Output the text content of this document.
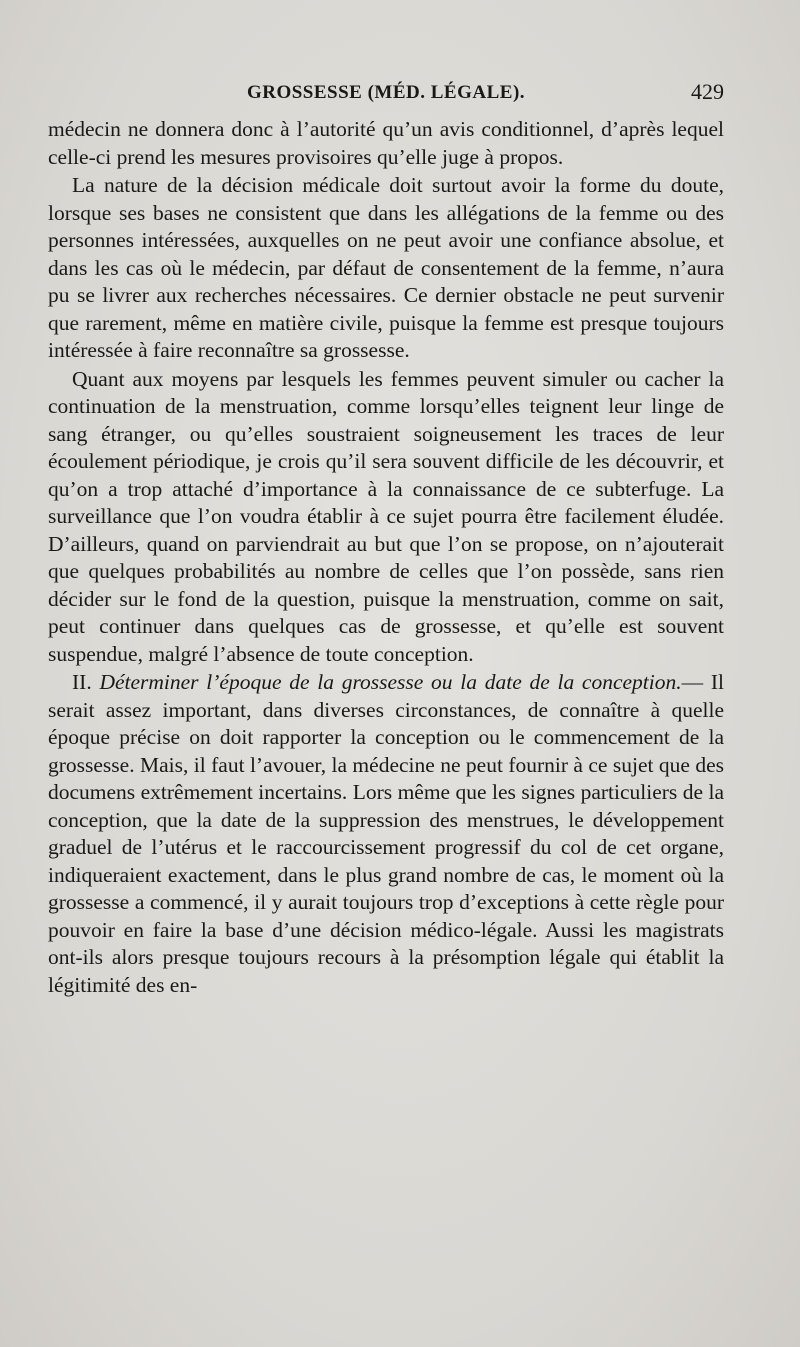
GROSSESSE (MÉD. LÉGALE).	429

médecin ne donnera donc à l’autorité qu’un avis conditionnel, d’après lequel celle-ci prend les mesures provisoires qu’elle juge à propos.

La nature de la décision médicale doit surtout avoir la forme du doute, lorsque ses bases ne consistent que dans les allégations de la femme ou des personnes intéressées, auxquelles on ne peut avoir une confiance absolue, et dans les cas où le médecin, par défaut de consentement de la femme, n’aura pu se livrer aux recherches nécessaires. Ce dernier obstacle ne peut survenir que rarement, même en matière civile, puisque la femme est presque toujours intéressée à faire reconnaître sa grossesse.

Quant aux moyens par lesquels les femmes peuvent simuler ou cacher la continuation de la menstruation, comme lorsqu’elles teignent leur linge de sang étranger, ou qu’elles soustraient soigneusement les traces de leur écoulement périodique, je crois qu’il sera souvent difficile de les découvrir, et qu’on a trop attaché d’importance à la connaissance de ce subterfuge. La surveillance que l’on voudra établir à ce sujet pourra être facilement éludée. D’ailleurs, quand on parviendrait au but que l’on se propose, on n’ajouterait que quelques probabilités au nombre de celles que l’on possède, sans rien décider sur le fond de la question, puisque la menstruation, comme on sait, peut continuer dans quelques cas de grossesse, et qu’elle est souvent suspendue, malgré l’absence de toute conception.

II. Déterminer l’époque de la grossesse ou la date de la conception.— Il serait assez important, dans diverses circonstances, de connaître à quelle époque précise on doit rapporter la conception ou le commencement de la grossesse. Mais, il faut l’avouer, la médecine ne peut fournir à ce sujet que des documens extrêmement incertains. Lors même que les signes particuliers de la conception, que la date de la suppression des menstrues, le développement graduel de l’utérus et le raccourcissement progressif du col de cet organe, indiqueraient exactement, dans le plus grand nombre de cas, le moment où la grossesse a commencé, il y aurait toujours trop d’exceptions à cette règle pour pouvoir en faire la base d’une décision médico-légale. Aussi les magistrats ont-ils alors presque toujours recours à la présomption légale qui établit la légitimité des en-
